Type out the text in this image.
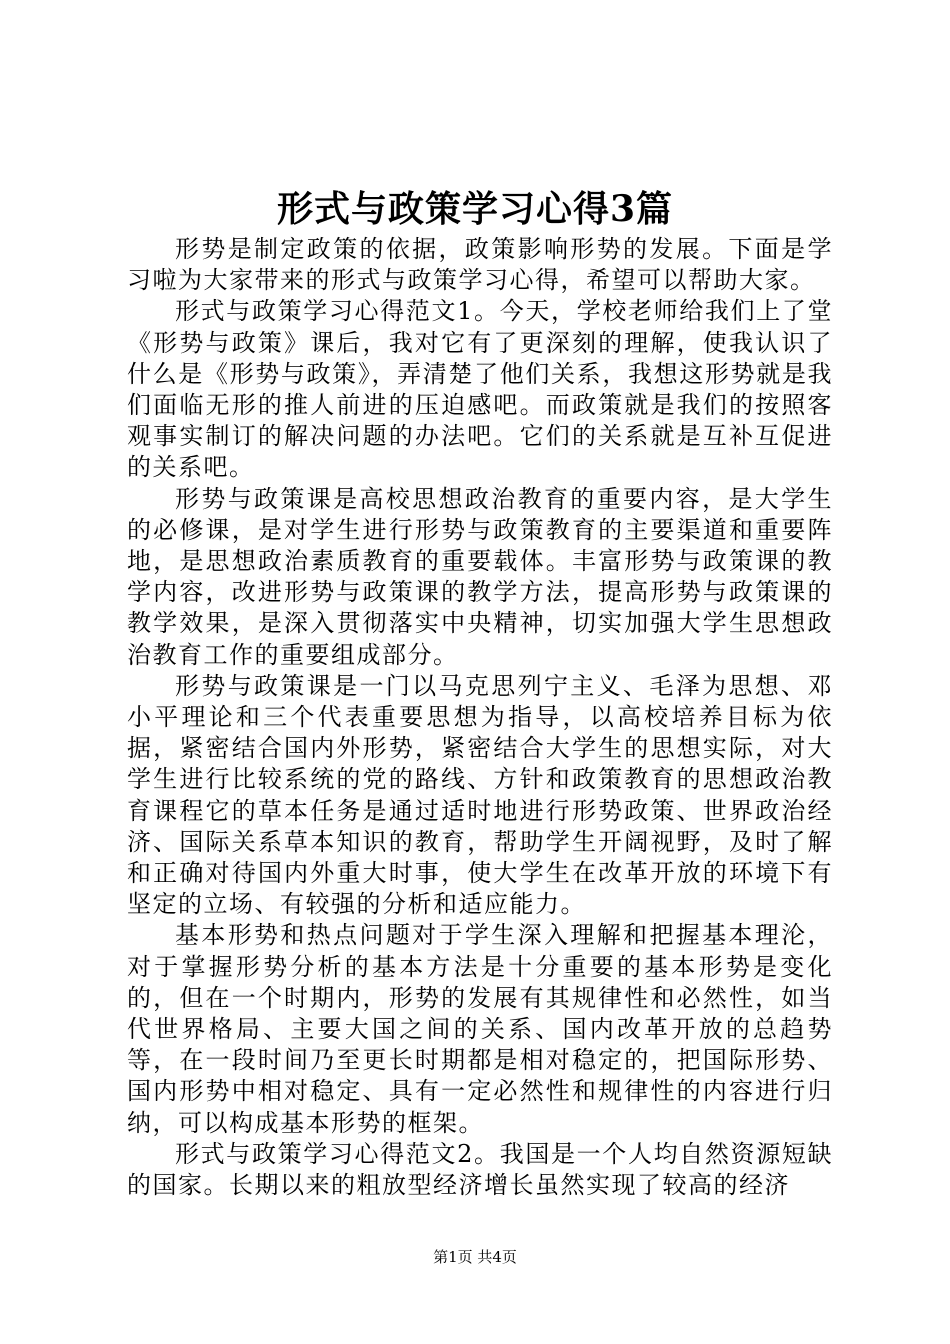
形式与政策学习心得3篇

形势是制定政策的依据，政策影响形势的发展。下面是学习啦为大家带来的形式与政策学习心得，希望可以帮助大家。

形式与政策学习心得范文1。今天，学校老师给我们上了堂《形势与政策》课后，我对它有了更深刻的理解，使我认识了什么是《形势与政策》，弄清楚了他们关系，我想这形势就是我们面临无形的推人前进的压迫感吧。而政策就是我们的按照客观事实制订的解决问题的办法吧。它们的关系就是互补互促进的关系吧。

形势与政策课是高校思想政治教育的重要内容，是大学生的必修课，是对学生进行形势与政策教育的主要渠道和重要阵地，是思想政治素质教育的重要载体。丰富形势与政策课的教学内容，改进形势与政策课的教学方法，提高形势与政策课的教学效果，是深入贯彻落实中央精神，切实加强大学生思想政治教育工作的重要组成部分。

形势与政策课是一门以马克思列宁主义、毛泽为思想、邓小平理论和三个代表重要思想为指导，以高校培养目标为依据，紧密结合国内外形势，紧密结合大学生的思想实际，对大学生进行比较系统的党的路线、方针和政策教育的思想政治教育课程它的草本任务是通过适时地进行形势政策、世界政治经济、国际关系草本知识的教育，帮助学生开阔视野，及时了解和正确对待国内外重大时事，使大学生在改革开放的环境下有坚定的立场、有较强的分析和适应能力。

基本形势和热点问题对于学生深入理解和把握基本理沦，对于掌握形势分析的基本方法是十分重要的基本形势是变化的，但在一个时期内，形势的发展有其规律性和必然性，如当代世界格局、主要大国之间的关系、国内改革开放的总趋势等，在一段时间乃至更长时期都是相对稳定的，把国际形势、国内形势中相对稳定、具有一定必然性和规律性的内容进行归纳，可以构成基本形势的框架。

形式与政策学习心得范文2。我国是一个人均自然资源短缺的国家。长期以来的粗放型经济增长虽然实现了较高的经济

第1页 共4页
